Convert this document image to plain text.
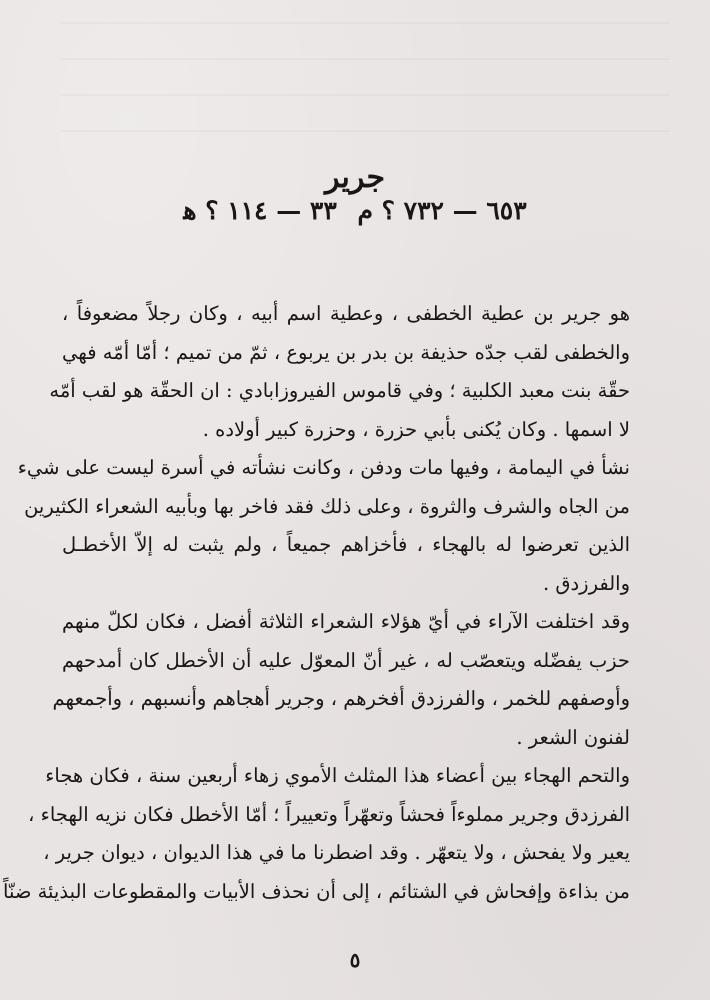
جرير
٦٥٣ — ٧٣٢ ؟ م ٣٣ — ١١٤ ؟ ﻫ

هو جرير بن عطية الخطفى ، وعطية اسم أبيه ، وكان رجلاً مضعوفاً ،
والخطفى لقب جدّه حذيفة بن بدر بن يربوع ، ثمّ من تميم ؛ أمّا أمّه فهي
حقّة بنت معبد الكلبية ؛ وفي قاموس الفيروزابادي : ان الحقّة هو لقب أمّه
لا اسمها . وكان يُكنى بأبي حزرة ، وحزرة كبير أولاده .

نشأ في اليمامة ، وفيها مات ودفن ، وكانت نشأته في أسرة ليست على شيء
من الجاه والشرف والثروة ، وعلى ذلك فقد فاخر بها وبأبيه الشعراء الكثيرين
الذين تعرضوا له بالهجاء ، فأخزاهم جميعاً ، ولم يثبت له إلاّ الأخطـل
والفرزدق .

وقد اختلفت الآراء في أيّ هؤلاء الشعراء الثلاثة أفضل ، فكان لكلّ منهم
حزب يفضّله ويتعصّب له ، غير أنّ المعوّل عليه أن الأخطل كان أمدحهم
وأوصفهم للخمر ، والفرزدق أفخرهم ، وجرير أهجاهم وأنسبهم ، وأجمعهم
لفنون الشعر .

والتحم الهجاء بين أعضاء هذا المثلث الأموي زهاء أربعين سنة ، فكان هجاء
الفرزدق وجرير مملوءاً فحشاً وتعهّراً وتعييراً ؛ أمّا الأخطل فكان نزيه الهجاء ،
يعير ولا يفحش ، ولا يتعهّر . وقد اضطرنا ما في هذا الديوان ، ديوان جرير ،
من بذاءة وإفحاش في الشتائم ، إلى أن نحذف الأبيات والمقطوعات البذيئة ضنّاً

٥
